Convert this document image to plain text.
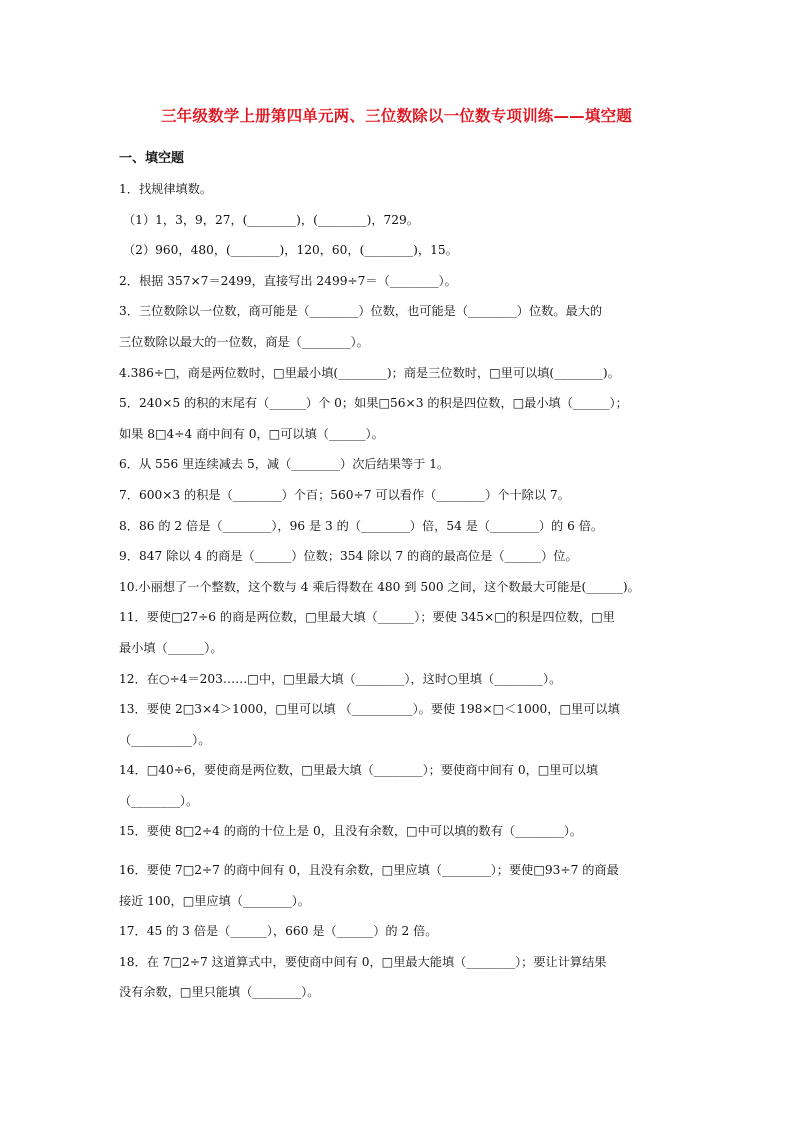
三年级数学上册第四单元两、三位数除以一位数专项训练——填空题
一、填空题
1．找规律填数。
（1）1，3，9，27，(________)，(________)，729。
（2）960，480，(________)，120，60，(________)，15。
2．根据 357×7＝2499，直接写出 2499÷7＝（________）。
3．三位数除以一位数，商可能是（________）位数，也可能是（________）位数。最大的
三位数除以最大的一位数，商是（________）。
4.386÷□，商是两位数时，□里最小填(________)；商是三位数时，□里可以填(________)。
5．240×5 的积的末尾有（______）个 0；如果□56×3 的积是四位数，□最小填（______）；
如果 8□4÷4 商中间有 0，□可以填（______）。
6．从 556 里连续减去 5，减（________）次后结果等于 1。
7．600×3 的积是（________）个百；560÷7 可以看作（________）个十除以 7。
8．86 的 2 倍是（________），96 是 3 的（________）倍，54 是（________）的 6 倍。
9．847 除以 4 的商是（______）位数；354 除以 7 的商的最高位是（______）位。
10.小丽想了一个整数，这个数与 4 乘后得数在 480 到 500 之间，这个数最大可能是(______)。
11．要使□27÷6 的商是两位数，□里最大填（______）；要使 345×□的积是四位数，□里
最小填（______）。
12．在○÷4＝203……□中，□里最大填（________），这时○里填（________）。
13．要使 2□3×4＞1000，□里可以填 （__________）。要使 198×□＜1000，□里可以填
（__________）。
14．□40÷6，要使商是两位数，□里最大填（________）；要使商中间有 0，□里可以填
（________）。
15．要使 8□2÷4 的商的十位上是 0，且没有余数，□中可以填的数有（________）。
16．要使 7□2÷7 的商中间有 0，且没有余数，□里应填（________）；要使□93÷7 的商最
接近 100，□里应填（________）。
17．45 的 3 倍是（______），660 是（______）的 2 倍。
18．在 7□2÷7 这道算式中，要使商中间有 0，□里最大能填（________）；要让计算结果
没有余数，□里只能填（________）。
